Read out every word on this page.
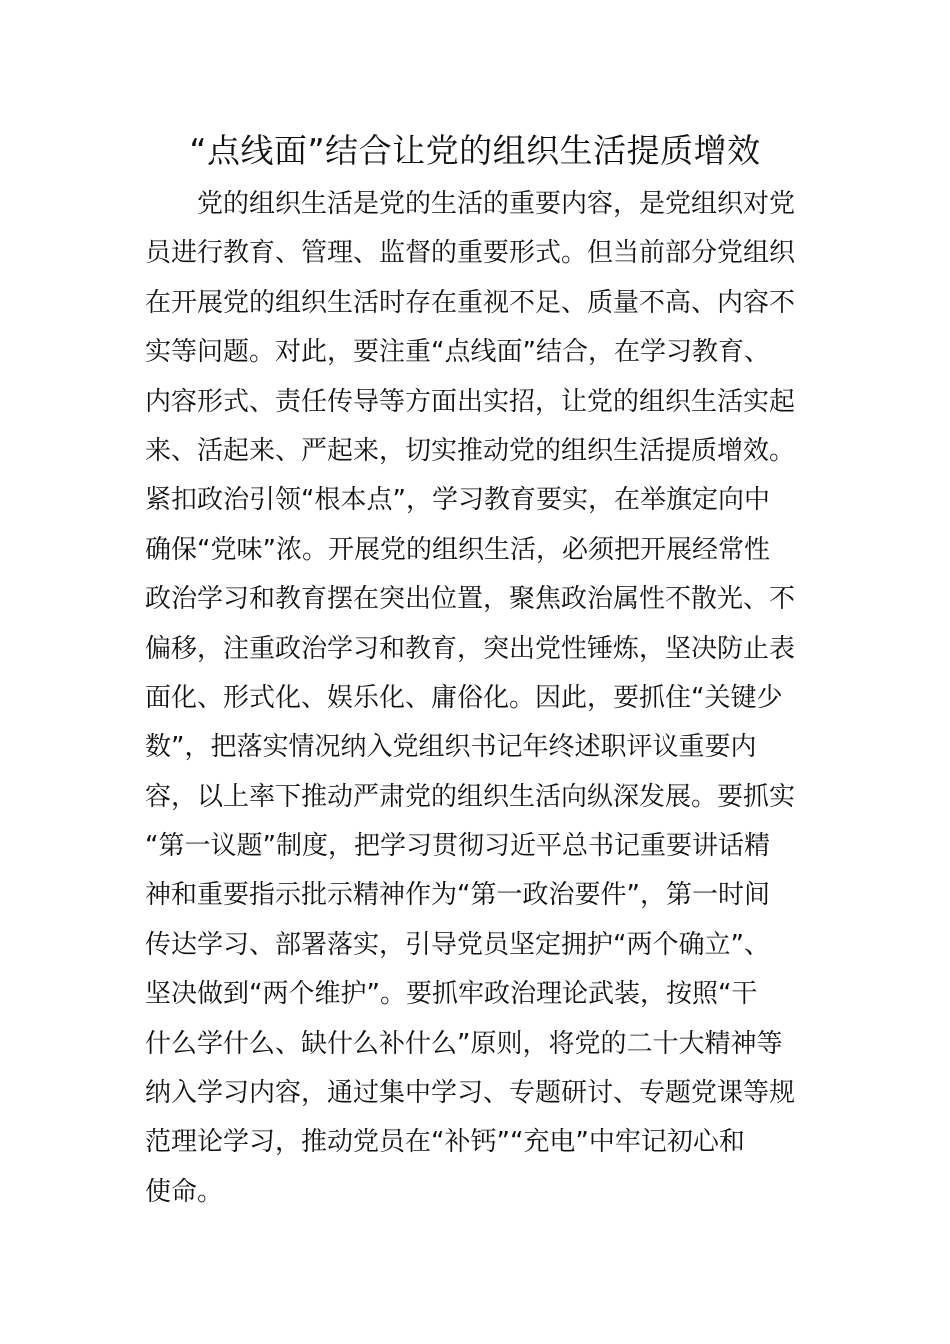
“点线面”结合让党的组织生活提质增效
　　党的组织生活是党的生活的重要内容，是党组织对党
员进行教育、管理、监督的重要形式。但当前部分党组织
在开展党的组织生活时存在重视不足、质量不高、内容不
实等问题。对此，要注重“点线面”结合，在学习教育、
内容形式、责任传导等方面出实招，让党的组织生活实起
来、活起来、严起来，切实推动党的组织生活提质增效。
紧扣政治引领“根本点”，学习教育要实，在举旗定向中
确保“党味”浓。开展党的组织生活，必须把开展经常性
政治学习和教育摆在突出位置，聚焦政治属性不散光、不
偏移，注重政治学习和教育，突出党性锤炼，坚决防止表
面化、形式化、娱乐化、庸俗化。因此，要抓住“关键少
数”，把落实情况纳入党组织书记年终述职评议重要内
容，以上率下推动严肃党的组织生活向纵深发展。要抓实
“第一议题”制度，把学习贯彻习近平总书记重要讲话精
神和重要指示批示精神作为“第一政治要件”，第一时间
传达学习、部署落实，引导党员坚定拥护“两个确立”、
坚决做到“两个维护”。要抓牢政治理论武装，按照“干
什么学什么、缺什么补什么”原则，将党的二十大精神等
纳入学习内容，通过集中学习、专题研讨、专题党课等规
范理论学习，推动党员在“补钙”“充电”中牢记初心和
使命。
